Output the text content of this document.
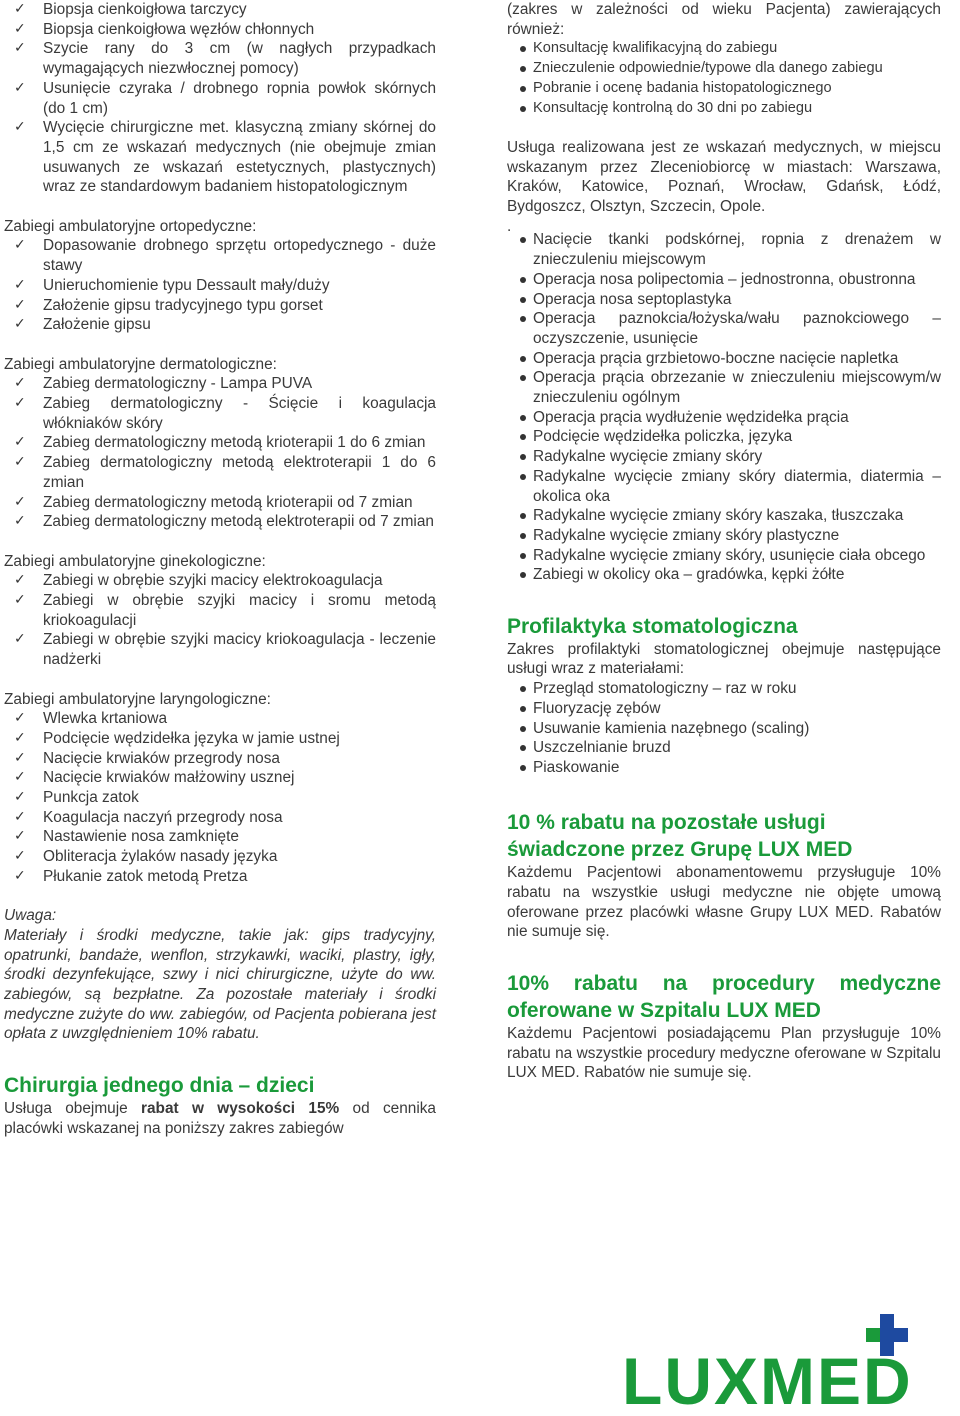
✓ Biopsja cienkoigłowa tarczycy
✓ Biopsja cienkoigłowa węzłów chłonnych
✓ Szycie rany do 3 cm (w nagłych przypadkach wymagających niezwłocznej pomocy)
✓ Usunięcie czyraka / drobnego ropnia powłok skórnych (do 1 cm)
✓ Wycięcie chirurgiczne met. klasyczną zmiany skórnej do 1,5 cm ze wskazań medycznych (nie obejmuje zmian usuwanych ze wskazań estetycznych, plastycznych) wraz ze standardowym badaniem histopatologicznym
Zabiegi ambulatoryjne ortopedyczne:
✓ Dopasowanie drobnego sprzętu ortopedycznego - duże stawy
✓ Unieruchomienie typu Dessault mały/duży
✓ Założenie gipsu tradycyjnego typu gorset
✓ Założenie gipsu
Zabiegi ambulatoryjne dermatologiczne:
✓ Zabieg dermatologiczny - Lampa PUVA
✓ Zabieg dermatologiczny - Ścięcie i koagulacja włókniaków skóry
✓ Zabieg dermatologiczny metodą krioterapii 1 do 6 zmian
✓ Zabieg dermatologiczny metodą elektroterapii 1 do 6 zmian
✓ Zabieg dermatologiczny metodą krioterapii od 7 zmian
✓ Zabieg dermatologiczny metodą elektroterapii od 7 zmian
Zabiegi ambulatoryjne ginekologiczne:
✓ Zabiegi w obrębie szyjki macicy elektrokoagulacja
✓ Zabiegi w obrębie szyjki macicy i sromu metodą kriokoagulacji
✓ Zabiegi w obrębie szyjki macicy kriokoagulacja - leczenie nadżerki
Zabiegi ambulatoryjne laryngologiczne:
✓ Wlewka krtaniowa
✓ Podcięcie wędzidełka języka w jamie ustnej
✓ Nacięcie krwiaków przegrody nosa
✓ Nacięcie krwiaków małżowiny usznej
✓ Punkcja zatok
✓ Koagulacja naczyń przegrody nosa
✓ Nastawienie nosa zamknięte
✓ Obliteracja żylaków nasady języka
✓ Płukanie zatok metodą Pretza
Uwaga:
Materiały i środki medyczne, takie jak: gips tradycyjny, opatrunki, bandaże, wenflon, strzykawki, waciki, plastry, igły, środki dezynfekujące, szwy i nici chirurgiczne, użyte do ww. zabiegów, są bezpłatne. Za pozostałe materiały i środki medyczne zużyte do ww. zabiegów, od Pacjenta pobierana jest opłata z uwzględnieniem 10% rabatu.
Chirurgia jednego dnia – dzieci
Usługa obejmuje rabat w wysokości 15% od cennika placówki wskazanej na poniższy zakres zabiegów
(zakres w zależności od wieku Pacjenta) zawierających również:
Konsultację kwalifikacyjną do zabiegu
Znieczulenie odpowiednie/typowe dla danego zabiegu
Pobranie i ocenę badania histopatologicznego
Konsultację kontrolną do 30 dni po zabiegu
Usługa realizowana jest ze wskazań medycznych, w miejscu wskazanym przez Zleceniobiorcę w miastach: Warszawa, Kraków, Katowice, Poznań, Wrocław, Gdańsk, Łódź, Bydgoszcz, Olsztyn, Szczecin, Opole.
.
Nacięcie tkanki podskórnej, ropnia z drenażem w znieczuleniu miejscowym
Operacja nosa polipectomia – jednostronna, obustronna
Operacja nosa septoplastyka
Operacja paznokcia/łożyska/wału paznokciowego – oczyszczenie, usunięcie
Operacja prącia grzbietowo-boczne nacięcie napletka
Operacja prącia obrzezanie w znieczuleniu miejscowym/w znieczuleniu ogólnym
Operacja prącia wydłużenie wędzidełka prącia
Podcięcie wędzidełka policzka, języka
Radykalne wycięcie zmiany skóry
Radykalne wycięcie zmiany skóry diatermia, diatermia – okolica oka
Radykalne wycięcie zmiany skóry kaszaka, tłuszczaka
Radykalne wycięcie zmiany skóry plastyczne
Radykalne wycięcie zmiany skóry, usunięcie ciała obcego
Zabiegi w okolicy oka – gradówka, kępki żółte
Profilaktyka stomatologiczna
Zakres profilaktyki stomatologicznej obejmuje następujące usługi wraz z materiałami:
Przegląd stomatologiczny – raz w roku
Fluoryzację zębów
Usuwanie kamienia nazębnego (scaling)
Uszczelnianie bruzd
Piaskowanie
10 % rabatu na pozostałe usługi świadczone przez Grupę LUX MED
Każdemu Pacjentowi abonamentowemu przysługuje 10% rabatu na wszystkie usługi medyczne nie objęte umową oferowane przez placówki własne Grupy LUX MED. Rabatów nie sumuje się.
10% rabatu na procedury medyczne oferowane w Szpitalu LUX MED
Każdemu Pacjentowi posiadającemu Plan przysługuje 10% rabatu na wszystkie procedury medyczne oferowane w Szpitalu LUX MED. Rabatów nie sumuje się.
LUXMED
